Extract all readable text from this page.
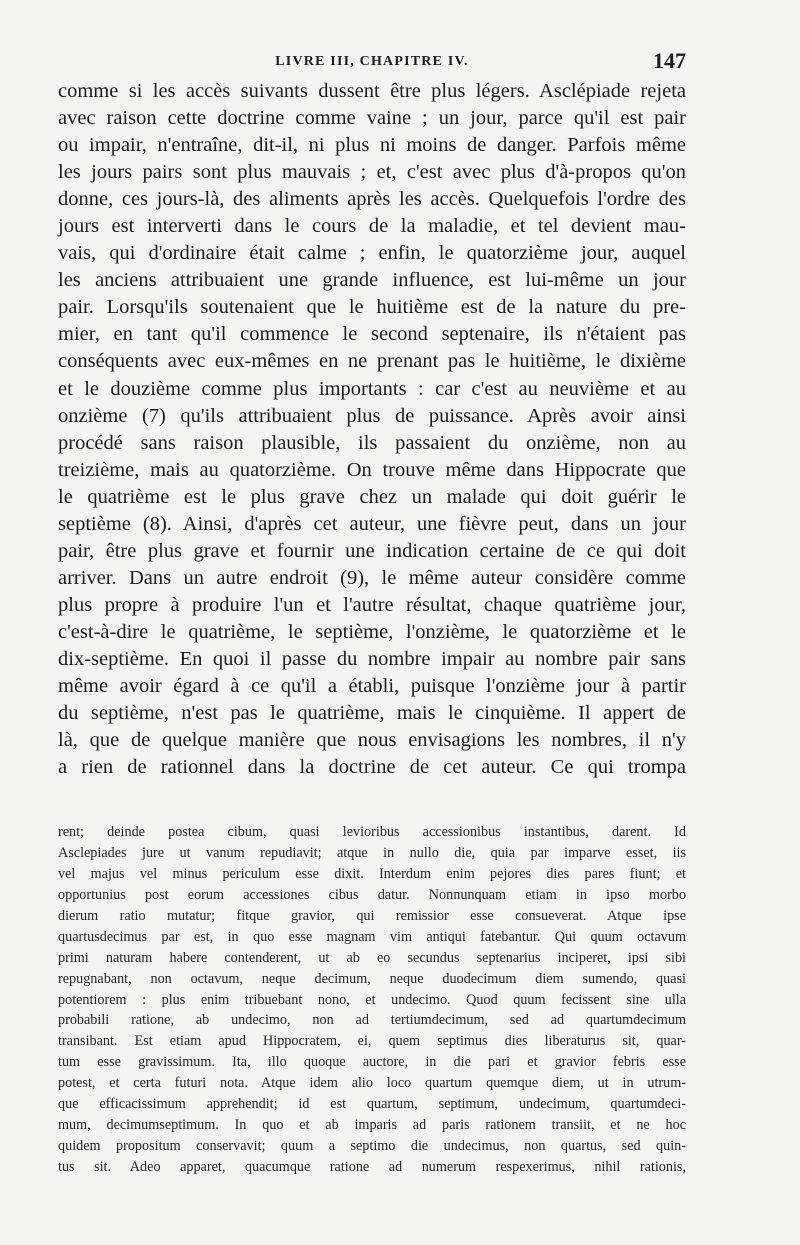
LIVRE III, CHAPITRE IV.	147
comme si les accès suivants dussent être plus légers. Asclépiade rejeta
avec raison cette doctrine comme vaine ; un jour, parce qu'il est pair
ou impair, n'entraîne, dit-il, ni plus ni moins de danger. Parfois même
les jours pairs sont plus mauvais ; et, c'est avec plus d'à-propos qu'on
donne, ces jours-là, des aliments après les accès. Quelquefois l'ordre des
jours est interverti dans le cours de la maladie, et tel devient mau-
vais, qui d'ordinaire était calme ; enfin, le quatorzième jour, auquel
les anciens attribuaient une grande influence, est lui-même un jour
pair. Lorsqu'ils soutenaient que le huitième est de la nature du pre-
mier, en tant qu'il commence le second septenaire, ils n'étaient pas
conséquents avec eux-mêmes en ne prenant pas le huitième, le dixième
et le douzième comme plus importants : car c'est au neuvième et au
onzième (7) qu'ils attribuaient plus de puissance. Après avoir ainsi
procédé sans raison plausible, ils passaient du onzième, non au
treizième, mais au quatorzième. On trouve même dans Hippocrate que
le quatrième est le plus grave chez un malade qui doit guérir le
septième (8). Ainsi, d'après cet auteur, une fièvre peut, dans un jour
pair, être plus grave et fournir une indication certaine de ce qui doit
arriver. Dans un autre endroit (9), le même auteur considère comme
plus propre à produire l'un et l'autre résultat, chaque quatrième jour,
c'est-à-dire le quatrième, le septième, l'onzième, le quatorzième et le
dix-septième. En quoi il passe du nombre impair au nombre pair sans
même avoir égard à ce qu'il a établi, puisque l'onzième jour à partir
du septième, n'est pas le quatrième, mais le cinquième. Il appert de
là, que de quelque manière que nous envisagions les nombres, il n'y
a rien de rationnel dans la doctrine de cet auteur. Ce qui trompa
rent; deinde postea cibum, quasi levioribus accessionibus instantibus, darent. Id
Asclepiades jure ut vanum repudiavit; atque in nullo die, quia par imparve esset, iis
vel majus vel minus periculum esse dixit. Interdum enim pejores dies pares fiunt; et
opportunius post eorum accessiones cibus datur. Nonnunquam etiam in ipso morbo
dierum ratio mutatur; fitque gravior, qui remissior esse consueverat. Atque ipse
quartusdecimus par est, in quo esse magnam vim antiqui fatebantur. Qui quum octavum
primi naturam habere contenderent, ut ab eo secundus septenarius inciperet, ipsi sibi
repugnabant, non octavum, neque decimum, neque duodecimum diem sumendo, quasi
potentiorem : plus enim tribuebant nono, et undecimo. Quod quum fecissent sine ulla
probabili ratione, ab undecimo, non ad tertiumdecimum, sed ad quartumdecimum
transibant. Est etiam apud Hippocratem, ei, quem septimus dies liberaturus sit, quar-
tum esse gravissimum. Ita, illo quoque auctore, in die pari et gravior febris esse
potest, et certa futuri nota. Atque idem alio loco quartum quemque diem, ut in utrum-
que efficacissimum apprehendit; id est quartum, septimum, undecimum, quartumdeci-
mum, decimumseptimum. In quo et ab imparis ad paris rationem transiit, et ne hoc
quidem propositum conservavit; quum a septimo die undecimus, non quartus, sed quin-
tus sit. Adeo apparet, quacumque ratione ad numerum respexerimus, nihil rationis,
